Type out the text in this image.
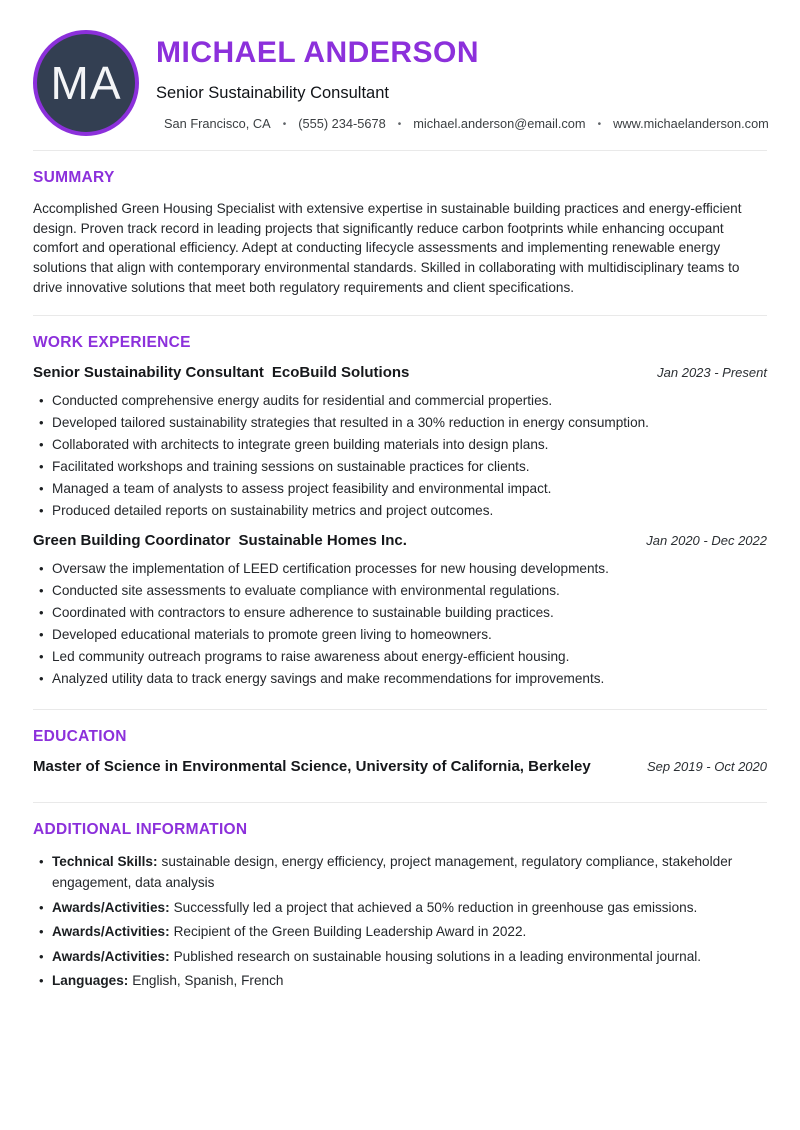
MA
MICHAEL ANDERSON
Senior Sustainability Consultant
San Francisco, CA • (555) 234-5678 • michael.anderson@email.com • www.michaelanderson.com
SUMMARY

Accomplished Green Housing Specialist with extensive expertise in sustainable building practices and energy-efficient design. Proven track record in leading projects that significantly reduce carbon footprints while enhancing occupant comfort and operational efficiency. Adept at conducting lifecycle assessments and implementing renewable energy solutions that align with contemporary environmental standards. Skilled in collaborating with multidisciplinary teams to drive innovative solutions that meet both regulatory requirements and client specifications.

WORK EXPERIENCE
Senior Sustainability Consultant EcoBuild Solutions	Jan 2023 - Present
• Conducted comprehensive energy audits for residential and commercial properties.
• Developed tailored sustainability strategies that resulted in a 30% reduction in energy consumption.
• Collaborated with architects to integrate green building materials into design plans.
• Facilitated workshops and training sessions on sustainable practices for clients.
• Managed a team of analysts to assess project feasibility and environmental impact.
• Produced detailed reports on sustainability metrics and project outcomes.
Green Building Coordinator Sustainable Homes Inc.	Jan 2020 - Dec 2022
• Oversaw the implementation of LEED certification processes for new housing developments.
• Conducted site assessments to evaluate compliance with environmental regulations.
• Coordinated with contractors to ensure adherence to sustainable building practices.
• Developed educational materials to promote green living to homeowners.
• Led community outreach programs to raise awareness about energy-efficient housing.
• Analyzed utility data to track energy savings and make recommendations for improvements.
EDUCATION
Master of Science in Environmental Science, University of California, Berkeley	Sep 2019 - Oct 2020
ADDITIONAL INFORMATION
• Technical Skills: sustainable design, energy efficiency, project management, regulatory compliance, stakeholder engagement, data analysis
• Awards/Activities: Successfully led a project that achieved a 50% reduction in greenhouse gas emissions.
• Awards/Activities: Recipient of the Green Building Leadership Award in 2022.
• Awards/Activities: Published research on sustainable housing solutions in a leading environmental journal.
• Languages: English, Spanish, French
